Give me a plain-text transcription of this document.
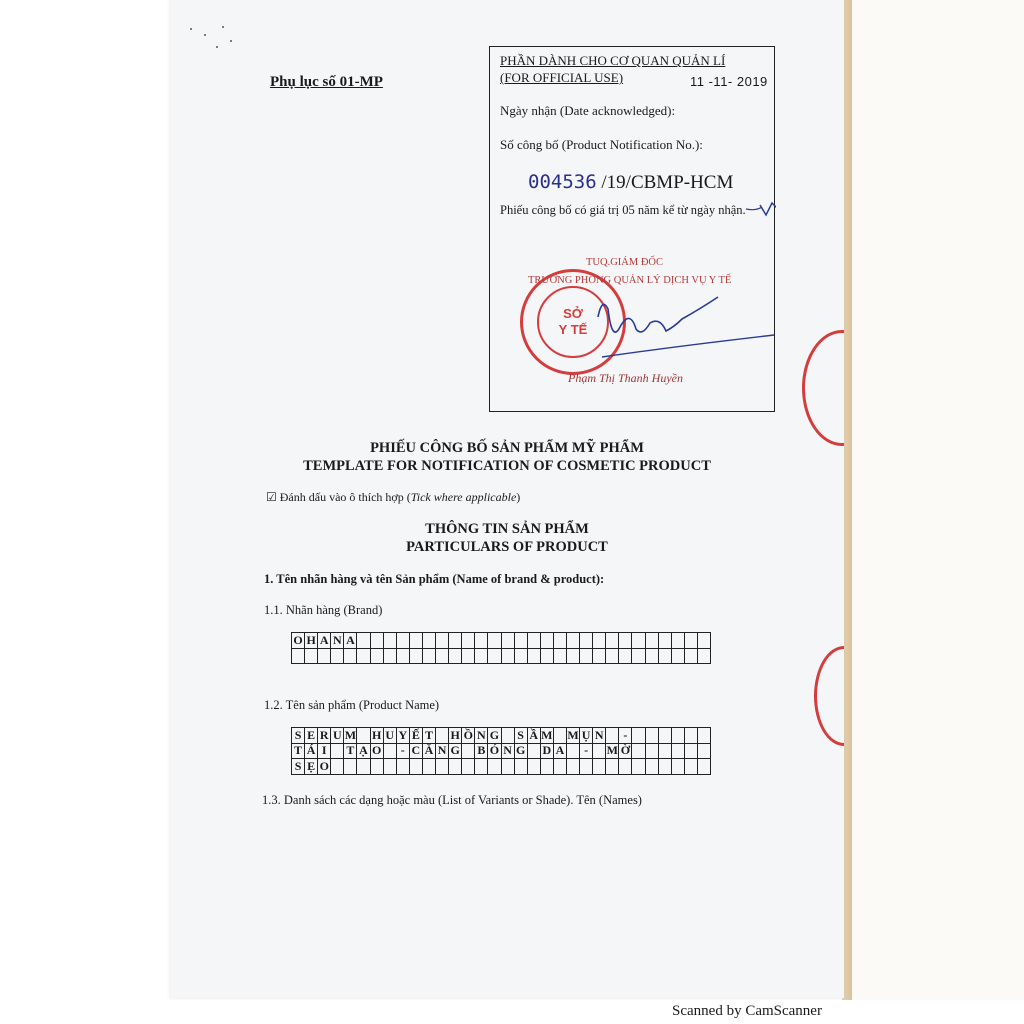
Phụ lục số 01-MP
PHẦN DÀNH CHO CƠ QUAN QUẢN LÍ
(FOR OFFICIAL USE)	11 -11- 2019
Ngày nhận (Date acknowledged):
Số công bố (Product Notification No.):
004536 /19/CBMP-HCM
Phiếu công bố có giá trị 05 năm kể từ ngày nhận.
SỞ
Y TẾ
TUQ.GIÁM ĐỐC
TRƯỞNG PHÒNG QUẢN LÝ DỊCH VỤ Y TẾ
Phạm Thị Thanh Huyền
PHIẾU CÔNG BỐ SẢN PHẨM MỸ PHẨM
TEMPLATE FOR NOTIFICATION OF COSMETIC PRODUCT
☑ Đánh dấu vào ô thích hợp (Tick where applicable)
THÔNG TIN SẢN PHẨM
PARTICULARS OF PRODUCT
1. Tên nhãn hàng và tên Sản phẩm (Name of brand & product):
1.1. Nhãn hàng (Brand)
O	H	A	N	A																											

1.2. Tên sản phẩm (Product Name)
S	E	R	U	M		H	U	Y	Ế	T		H	Ồ	N	G		S	Ầ	M		M	Ụ	N		-						
T	Á	I		T	Ạ	O		-	C	Ă	N	G		B	Ó	N	G		D	A		-		M	Ờ						
S	Ẹ	O																													
1.3. Danh sách các dạng hoặc màu (List of Variants or Shade). Tên (Names)
Scanned by CamScanner
